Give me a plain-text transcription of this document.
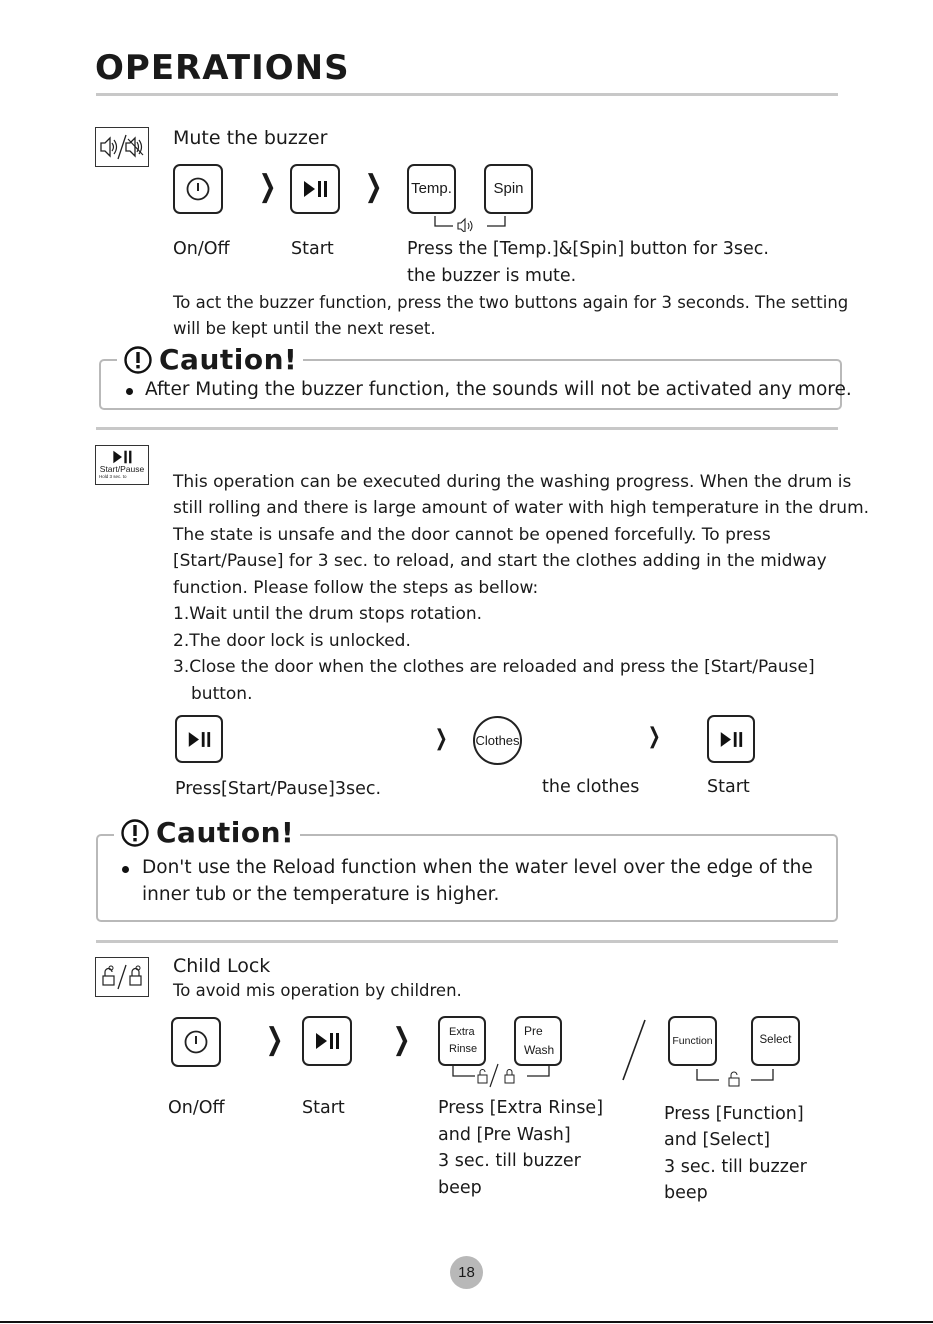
OPERATIONS
Mute the buzzer
❯	❯ Temp.	Spin
On/Off	Start	Press the [Temp.]&[Spin] button for 3sec.
the buzzer is mute.
To act the buzzer function, press the two buttons again for 3 seconds. The setting
will be kept until the next reset.
Caution!
After Muting the buzzer function, the sounds will not be activated any more.
Start/Pause
Hold 3 sec. to	This operation can be executed during the washing progress. When the drum is
still rolling and there is large amount of water with high temperature in the drum.
The state is unsafe and the door cannot be opened forcefully. To press
[Start/Pause] for 3 sec. to reload, and start the clothes adding in the midway
function. Please follow the steps as bellow:
1.Wait until the drum stops rotation.
2.The door lock is unlocked.
3.Close the door when the clothes are reloaded and press the [Start/Pause]
button.
❯ Clothes	❯
Press[Start/Pause]3sec.	the clothes	Start
Caution!
Don't use the Reload function when the water level over the edge of the
inner tub or the temperature is higher.
Child Lock
To avoid mis operation by children.
❯	❯	Extra
Rinse
Pre
Wash
Function	Select
On/Off	Start	Press [Extra Rinse]
and [Pre Wash]
3 sec. till buzzer
beep
Press [Function]
and [Select]
3 sec. till buzzer
beep
18
